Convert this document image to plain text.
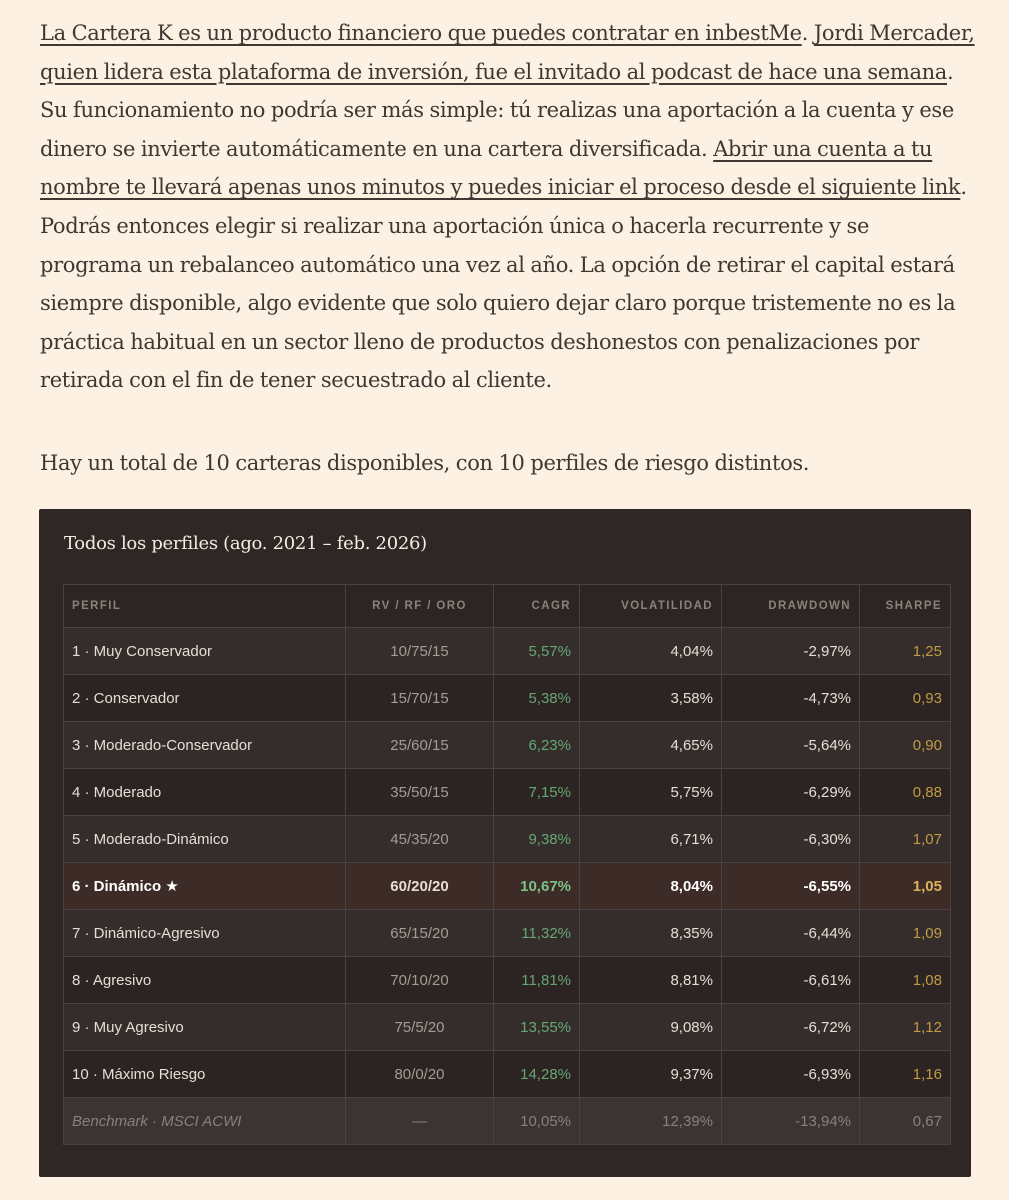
La Cartera K es un producto financiero que puedes contratar en inbestMe. Jordi Mercader, quien lidera esta plataforma de inversión, fue el invitado al podcast de hace una semana. Su funcionamiento no podría ser más simple: tú realizas una aportación a la cuenta y ese dinero se invierte automáticamente en una cartera diversificada. Abrir una cuenta a tu nombre te llevará apenas unos minutos y puedes iniciar el proceso desde el siguiente link. Podrás entonces elegir si realizar una aportación única o hacerla recurrente y se programa un rebalanceo automático una vez al año. La opción de retirar el capital estará siempre disponible, algo evidente que solo quiero dejar claro porque tristemente no es la práctica habitual en un sector lleno de productos deshonestos con penalizaciones por retirada con el fin de tener secuestrado al cliente.

Hay un total de 10 carteras disponibles, con 10 perfiles de riesgo distintos.

Todos los perfiles (ago. 2021 – feb. 2026)
PERFIL	RV / RF / ORO	CAGR	VOLATILIDAD	DRAWDOWN	SHARPE
1 · Muy Conservador	10/75/15	5,57%	4,04%	-2,97%	1,25
2 · Conservador	15/70/15	5,38%	3,58%	-4,73%	0,93
3 · Moderado-Conservador	25/60/15	6,23%	4,65%	-5,64%	0,90
4 · Moderado	35/50/15	7,15%	5,75%	-6,29%	0,88
5 · Moderado-Dinámico	45/35/20	9,38%	6,71%	-6,30%	1,07
6 · Dinámico ★	60/20/20	10,67%	8,04%	-6,55%	1,05
7 · Dinámico-Agresivo	65/15/20	11,32%	8,35%	-6,44%	1,09
8 · Agresivo	70/10/20	11,81%	8,81%	-6,61%	1,08
9 · Muy Agresivo	75/5/20	13,55%	9,08%	-6,72%	1,12
10 · Máximo Riesgo	80/0/20	14,28%	9,37%	-6,93%	1,16
Benchmark · MSCI ACWI	—	10,05%	12,39%	-13,94%	0,67
